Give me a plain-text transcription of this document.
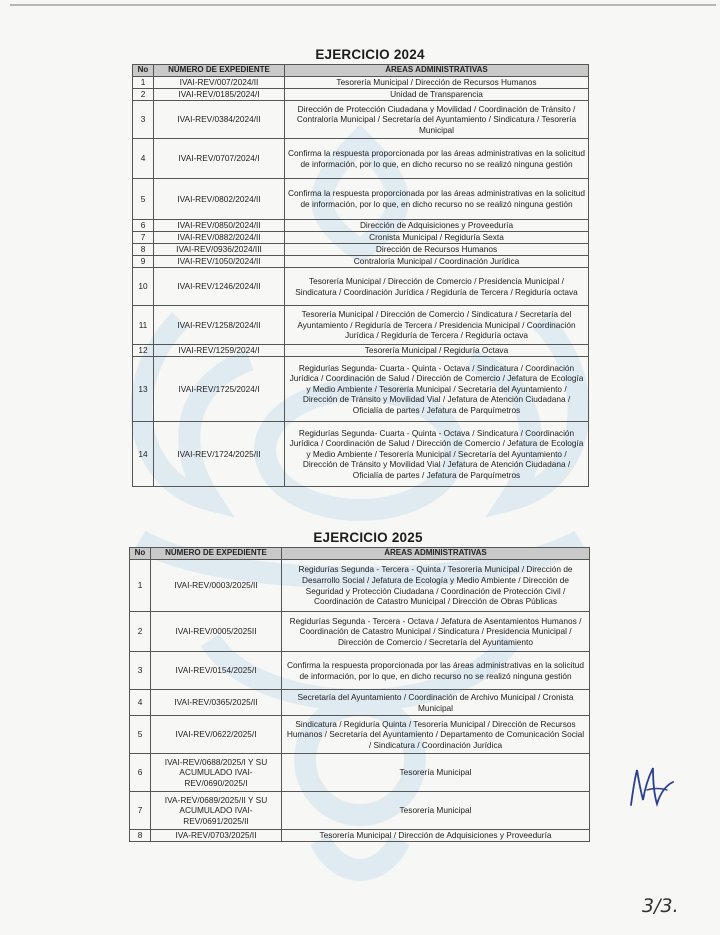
EJERCICIO 2024
No	NÚMERO DE EXPEDIENTE	ÁREAS ADMINISTRATIVAS
1	IVAI-REV/007/2024/II	Tesorería Municipal / Dirección de Recursos Humanos
2	IVAI-REV/0185/2024/I	Unidad de Transparencia
3	IVAI-REV/0384/2024/II	Dirección de Protección Ciudadana y Movilidad / Coordinación de Tránsito / Contraloría Municipal / Secretaría del Ayuntamiento / Sindicatura / Tesorería Municipal
4	IVAI-REV/0707/2024/I	Confirma la respuesta proporcionada por las áreas administrativas en la solicitud de información, por lo que, en dicho recurso no se realizó ninguna gestión
5	IVAI-REV/0802/2024/II	Confirma la respuesta proporcionada por las áreas administrativas en la solicitud de información, por lo que, en dicho recurso no se realizó ninguna gestión
6	IVAI-REV/0850/2024/II	Dirección de Adquisiciones y Proveeduría
7	IVAI-REV/0882/2024/II	Cronista Municipal / Regiduría Sexta
8	IVAI-REV/0936/2024/III	Dirección de Recursos Humanos
9	IVAI-REV/1050/2024/II	Contraloría Municipal / Coordinación Jurídica
10	IVAI-REV/1246/2024/II	Tesorería Municipal / Dirección de Comercio / Presidencia Municipal / Sindicatura / Coordinación Jurídica / Regiduría de Tercera / Regiduría octava
11	IVAI-REV/1258/2024/II	Tesorería Municipal / Dirección de Comercio / Sindicatura / Secretaría del Ayuntamiento / Regiduría de Tercera / Presidencia Municipal / Coordinación Jurídica / Regiduría de Tercera / Regiduría octava
12	IVAI-REV/1259/2024/I	Tesorería Municipal / Regiduría Octava
13	IVAI-REV/1725/2024/I	Regidurías Segunda- Cuarta - Quinta - Octava / Sindicatura / Coordinación Jurídica / Coordinación de Salud / Dirección de Comercio / Jefatura de Ecología y Medio Ambiente / Tesorería Municipal / Secretaría del Ayuntamiento / Dirección de Tránsito y Movilidad Vial / Jefatura de Atención Ciudadana / Oficialía de partes / Jefatura de Parquímetros
14	IVAI-REV/1724/2025/II	Regidurías Segunda- Cuarta - Quinta - Octava / Sindicatura / Coordinación Jurídica / Coordinación de Salud / Dirección de Comercio / Jefatura de Ecología y Medio Ambiente / Tesorería Municipal / Secretaría del Ayuntamiento / Dirección de Tránsito y Movilidad Vial / Jefatura de Atención Ciudadana / Oficialía de partes / Jefatura de Parquímetros
EJERCICIO 2025
No	NÚMERO DE EXPEDIENTE	ÁREAS ADMINISTRATIVAS
1	IVAI-REV/0003/2025/II	Regidurías Segunda - Tercera - Quinta / Tesorería Municipal / Dirección de Desarrollo Social / Jefatura de Ecología y Medio Ambiente / Dirección de Seguridad y Protección Ciudadana / Coordinación de Protección Civil / Coordinación de Catastro Municipal / Dirección de Obras Públicas
2	IVAI-REV/0005/2025II	Regidurías Segunda - Tercera - Octava / Jefatura de Asentamientos Humanos / Coordinación de Catastro Municipal / Sindicatura / Presidencia Municipal / Dirección de Comercio / Secretaría del Ayuntamiento
3	IVAI-REV/0154/2025/I	Confirma la respuesta proporcionada por las áreas administrativas en la solicitud de información, por lo que, en dicho recurso no se realizó ninguna gestión
4	IVAI-REV/0365/2025/II	Secretaría del Ayuntamiento / Coordinación de Archivo Municipal / Cronista Municipal
5	IVAI-REV/0622/2025/I	Sindicatura / Regiduría Quinta / Tesorería Municipal / Dirección de Recursos Humanos / Secretaría del Ayuntamiento / Departamento de Comunicación Social / Sindicatura / Coordinación Jurídica
6	IVAI-REV/0688/2025/I Y SU ACUMULADO IVAI-REV/0690/2025/I	Tesorería Municipal
7	IVA-REV/0689/2025/II Y SU ACUMULADO IVAI-REV/0691/2025/II	Tesorería Municipal
8	IVA-REV/0703/2025/II	Tesorería Municipal / Dirección de Adquisiciones y Proveeduría
3/3.
